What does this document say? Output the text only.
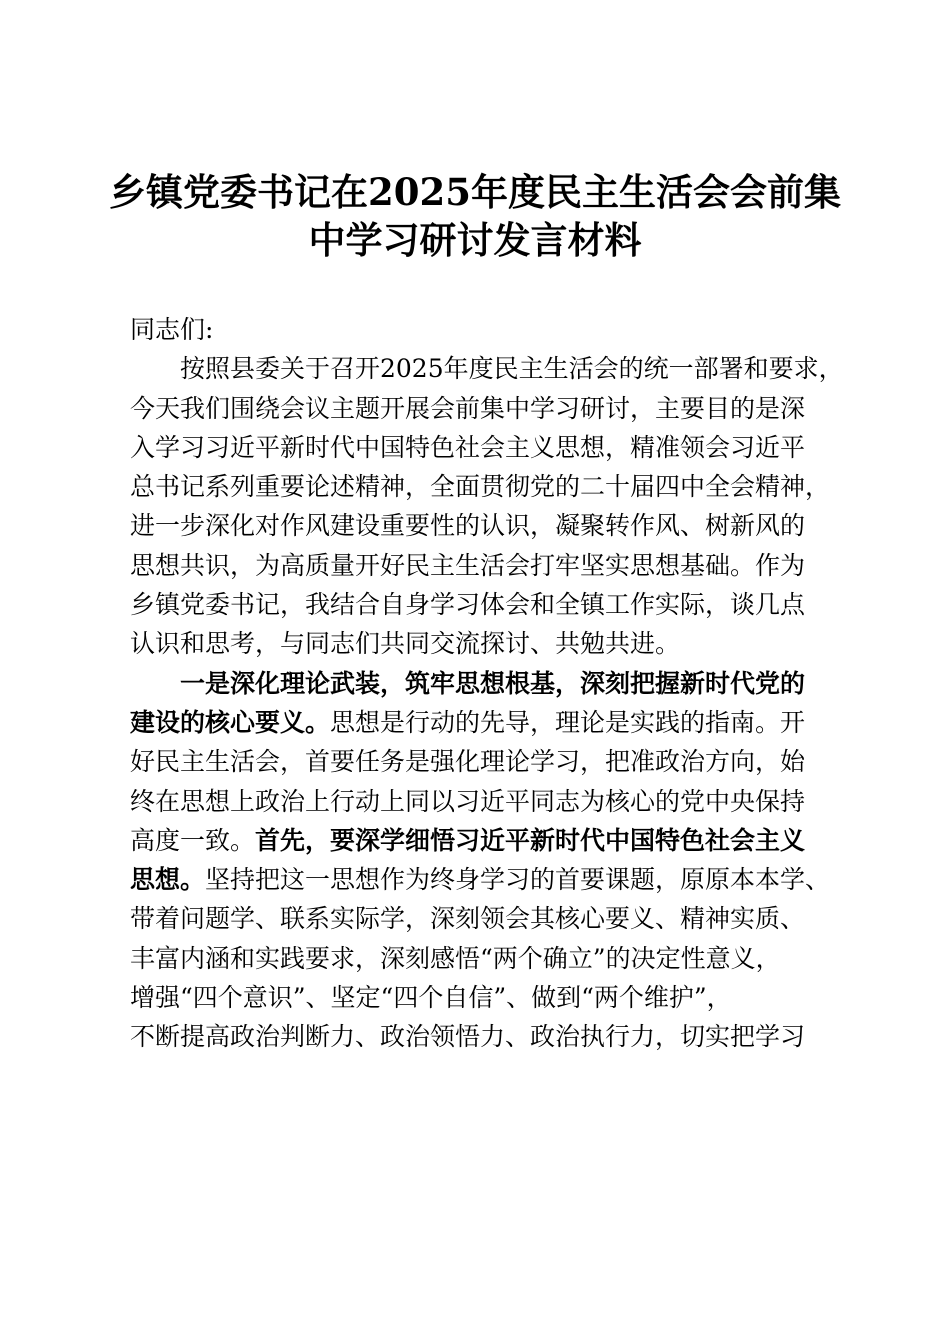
乡镇党委书记在2025年度民主生活会会前集
中学习研讨发言材料
同志们:
按照县委关于召开2025年度民主生活会的统一部署和要求，
今天我们围绕会议主题开展会前集中学习研讨，主要目的是深
入学习习近平新时代中国特色社会主义思想，精准领会习近平
总书记系列重要论述精神，全面贯彻党的二十届四中全会精神，
进一步深化对作风建设重要性的认识，凝聚转作风、树新风的
思想共识，为高质量开好民主生活会打牢坚实思想基础。作为
乡镇党委书记，我结合自身学习体会和全镇工作实际，谈几点
认识和思考，与同志们共同交流探讨、共勉共进。
一是深化理论武装，筑牢思想根基，深刻把握新时代党的
建设的核心要义。思想是行动的先导，理论是实践的指南。开
好民主生活会，首要任务是强化理论学习，把准政治方向，始
终在思想上政治上行动上同以习近平同志为核心的党中央保持
高度一致。首先，要深学细悟习近平新时代中国特色社会主义
思想。坚持把这一思想作为终身学习的首要课题，原原本本学、
带着问题学、联系实际学，深刻领会其核心要义、精神实质、
丰富内涵和实践要求，深刻感悟“两个确立”的决定性意义，
增强“四个意识”、坚定“四个自信”、做到“两个维护”，
不断提高政治判断力、政治领悟力、政治执行力，切实把学习
